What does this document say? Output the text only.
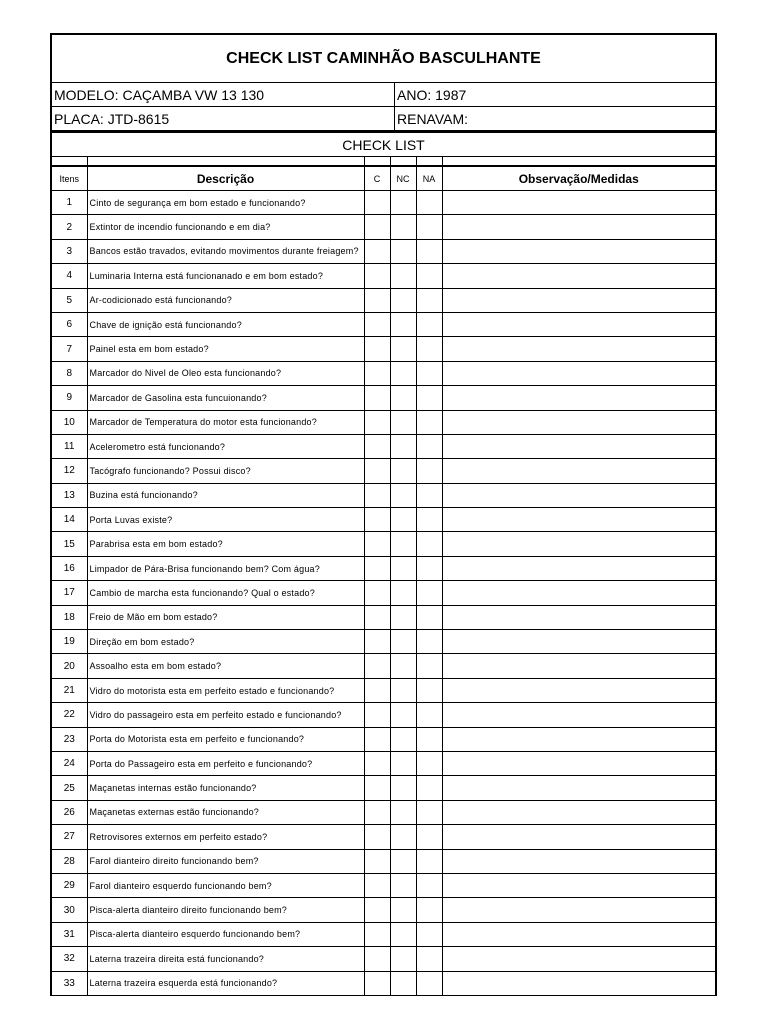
CHECK LIST CAMINHÃO BASCULHANTE
MODELO: CAÇAMBA VW 13 130	ANO: 1987
PLACA: JTD-8615	RENAVAM:
CHECK LIST
Itens	Descrição	C	NC	NA	Observação/Medidas
1	Cinto de segurança em bom estado e funcionando?				
2	Extintor de incendio funcionando e em dia?				
3	Bancos estão travados, evitando movimentos durante freiagem?				
4	Luminaria Interna está funcionanado e em bom estado?				
5	Ar-codicionado está funcionando?				
6	Chave de ignição está funcionando?				
7	Painel esta em bom estado?				
8	Marcador do Nivel de Oleo esta funcionando?				
9	Marcador de Gasolina esta funcuionando?				
10	Marcador de Temperatura do motor esta funcionando?				
11	Acelerometro está funcionando?				
12	Tacógrafo funcionando? Possui disco?				
13	Buzina está funcionando?				
14	Porta Luvas existe?				
15	Parabrisa esta em bom estado?				
16	Limpador de Pára-Brisa funcionando bem? Com água?				
17	Cambio de marcha esta funcionando? Qual o estado?				
18	Freio de Mão em bom estado?				
19	Direção em bom estado?				
20	Assoalho esta em bom estado?				
21	Vidro do motorista esta em perfeito estado e funcionando?				
22	Vidro do passageiro esta em perfeito estado e funcionando?				
23	Porta do Motorista esta em perfeito e funcionando?				
24	Porta do Passageiro esta em perfeito e funcionando?				
25	Maçanetas internas estão funcionando?				
26	Maçanetas externas estão funcionando?				
27	Retrovisores externos em perfeito estado?				
28	Farol dianteiro direito funcionando bem?				
29	Farol dianteiro esquerdo funcionando bem?				
30	Pisca-alerta dianteiro direito funcionando bem?				
31	Pisca-alerta dianteiro esquerdo funcionando bem?				
32	Laterna trazeira direita está funcionando?				
33	Laterna trazeira esquerda está funcionando?				
